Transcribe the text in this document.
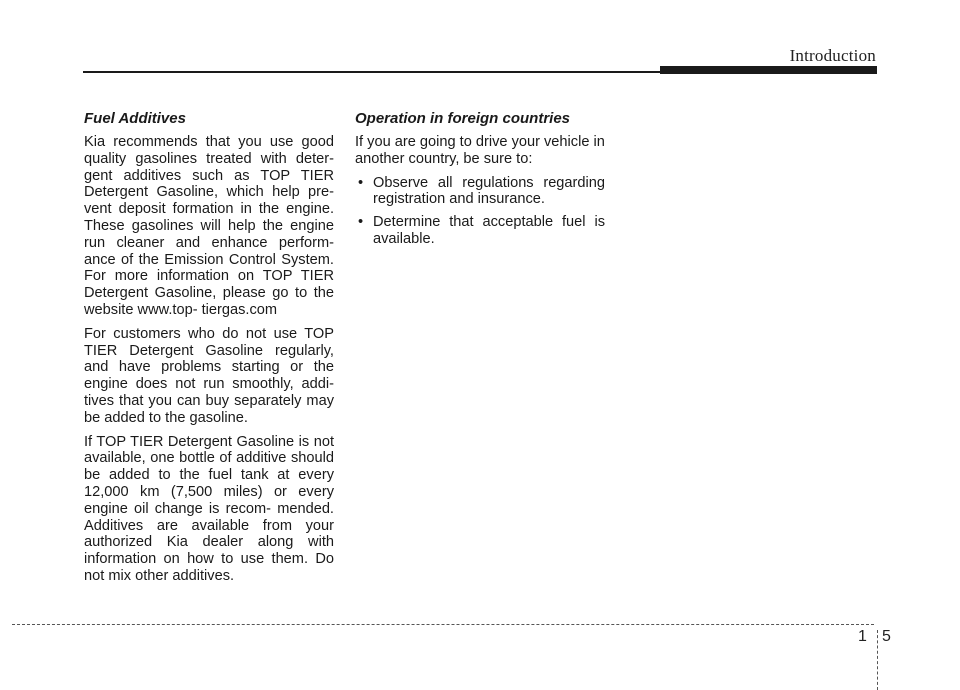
Introduction
Fuel Additives

Kia recommends that you use good quality gasolines treated with deter- gent additives such as TOP TIER Detergent Gasoline, which help pre- vent deposit formation in the engine. These gasolines will help the engine run cleaner and enhance perform- ance of the Emission Control System. For more information on TOP TIER Detergent Gasoline, please go to the website www.top- tiergas.com

For customers who do not use TOP TIER Detergent Gasoline regularly, and have problems starting or the engine does not run smoothly, addi- tives that you can buy separately may be added to the gasoline.

If TOP TIER Detergent Gasoline is not available, one bottle of additive should be added to the fuel tank at every 12,000 km (7,500 miles) or every engine oil change is recom- mended. Additives are available from your authorized Kia dealer along with information on how to use them. Do not mix other additives.

Operation in foreign countries

If you are going to drive your vehicle in another country, be sure to:

• Observe all regulations regarding registration and insurance.
• Determine that acceptable fuel is available.
1 5
